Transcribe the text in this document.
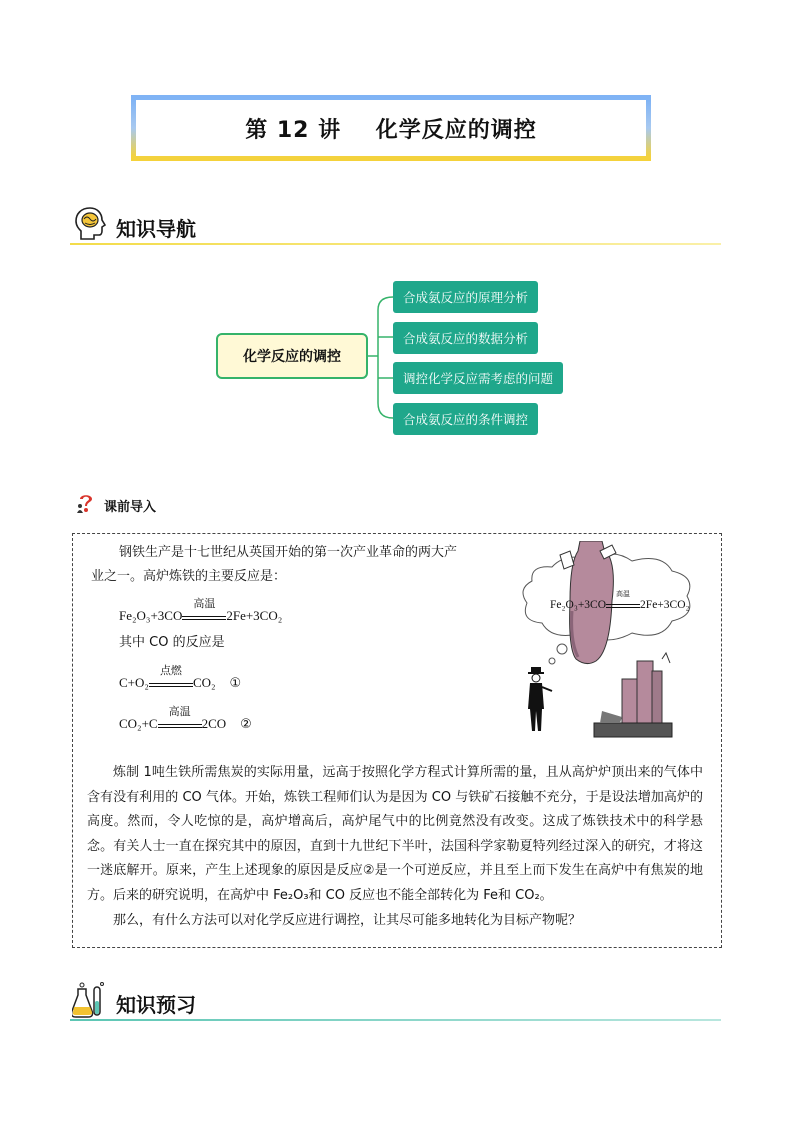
第 12 讲    化学反应的调控
知识导航
化学反应的调控
合成氨反应的原理分析
合成氨反应的数据分析
调控化学反应需考虑的问题
合成氨反应的条件调控
课前导入
钢铁生产是十七世纪从英国开始的第一次产业革命的两大产
业之一。高炉炼铁的主要反应是：
Fe₂O₃+3CO
高温
2Fe+3CO₂
其中 CO 的反应是
C+O₂
点燃
CO₂ ①
CO₂+C
高温
2CO ②
炼制 1吨生铁所需焦炭的实际用量，远高于按照化学方程式计算所需的量，且从高炉炉顶出来的气体中含有没有利用的 CO 气体。开始，炼铁工程师们认为是因为 CO 与铁矿石接触不充分，于是设法增加高炉的高度。然而，令人吃惊的是，高炉增高后，高炉尾气中的比例竟然没有改变。这成了炼铁技术中的科学悬念。有关人士一直在探究其中的原因，直到十九世纪下半叶，法国科学家勒夏特列经过深入的研究，才将这一迷底解开。原来，产生上述现象的原因是反应②是一个可逆反应，并且至上而下发生在高炉中有焦炭的地方。后来的研究说明，在高炉中 Fe₂O₃和 CO 反应也不能全部转化为 Fe和 CO₂。
那么，有什么方法可以对化学反应进行调控，让其尽可能多地转化为目标产物呢？
Fe₂O₃+3CO
高温
2Fe+3CO₂
知识预习
